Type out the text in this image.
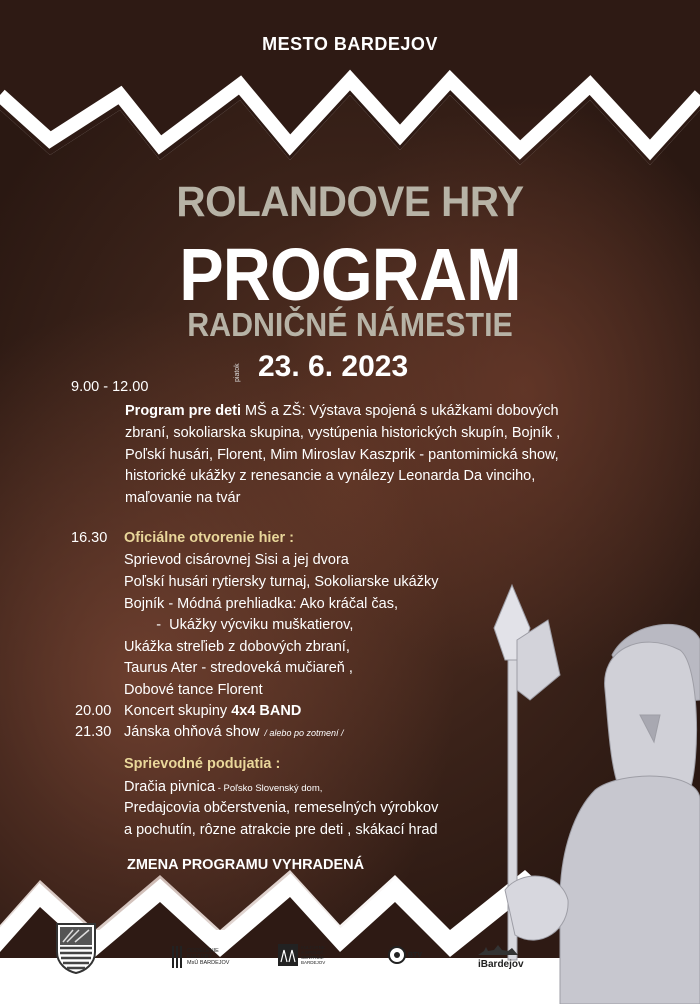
MESTO BARDEJOV
ROLANDOVE HRY
PROGRAM
RADNIČNÉ NÁMESTIE
piatok 23. 6. 2023
9.00 - 12.00
Program pre deti MŠ a ZŠ: Výstava spojená s ukážkami dobových
zbraní, sokoliarska skupina, vystúpenia historických skupín, Bojník ,
Poľskí husári, Florent, Mim Miroslav Kaszprik - pantomimická show,
historické ukážky z renesancie a vynálezy Leonarda Da vinciho,
maľovanie na tvár
16.30 Oficiálne otvorenie hier :
Sprievod cisárovnej Sisi a jej dvora
Poľskí husári rytiersky turnaj, Sokoliarske ukážky
Bojník - Módná prehliadka: Ako kráčal čas,
-  Ukážky výcviku muškatierov,
Ukážka streľieb z dobových zbraní,
Taurus Ater - stredoveká mučiareň ,
Dobové tance Florent
20.00 Koncert skupiny 4x4 BAND
21.30 Jánska ohňová show  / alebo po zotmení /
Sprievodné podujatia :
Dračia pivnica - Poľsko Slovenský dom,
Predajcovia občerstvenia, remeselných výrobkov
a pochutín, rôzne atrakcie pre deti , skákací hrad
ZMENA PROGRAMU VYHRADENÁ
ODDELENIE
KULTÚRY
MsÚ BARDEJOV
KULTÚRNE
A SPOLOČ.
CENTRUM
BARDEJOV
BTV
iBardejov
